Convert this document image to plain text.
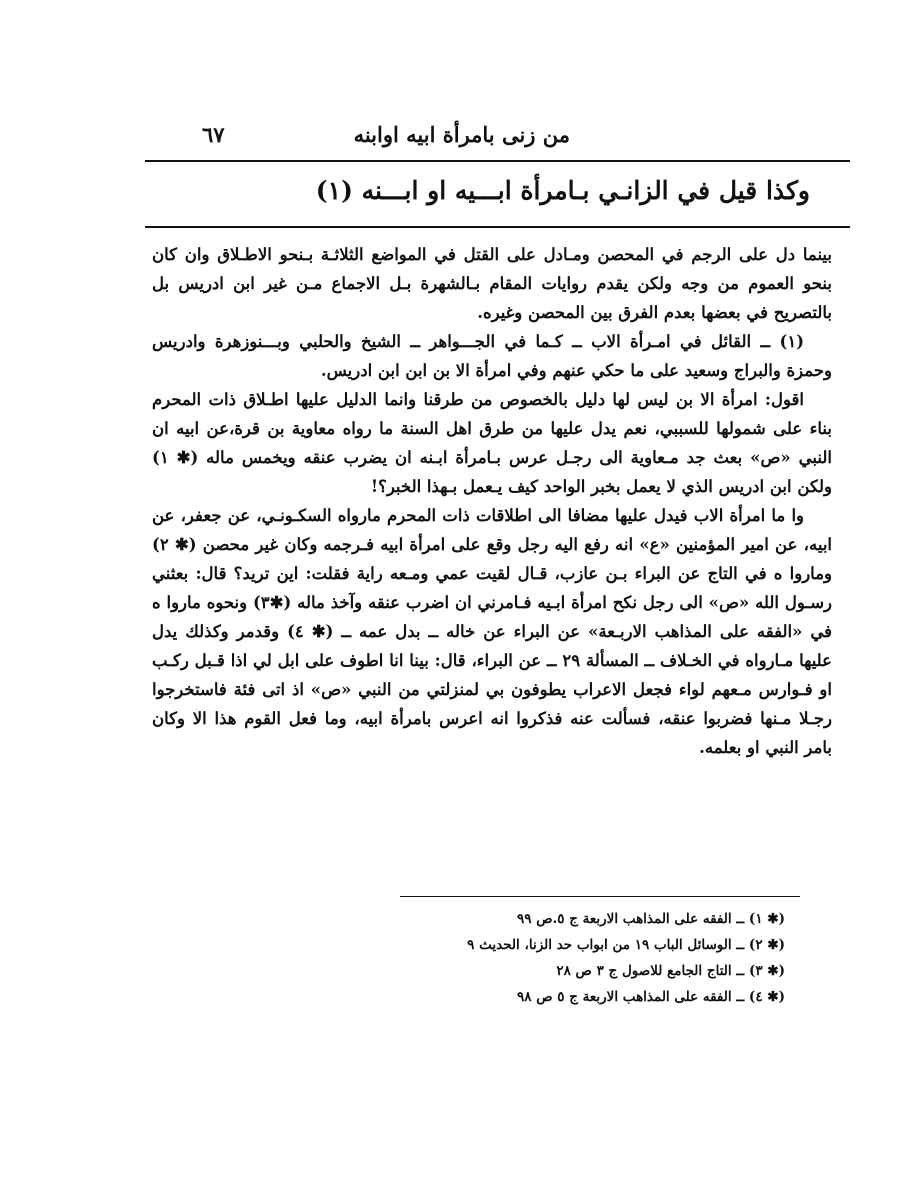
من زنى بامرأة ابيه اوابنه
٦٧
وكذا قيل في الزانـي بـامرأة ابـــيه او ابـــنه (١)

بينما دل على الرجم في المحصن ومـادل على القتل في المواضع الثلاثـة بـنحو الاطـلاق وان كان بنحو العموم من وجه ولكن يقدم روايات المقام بـالشهرة بـل الاجماع مـن غير ابن ادريس بل بالتصريح في بعضها بعدم الفرق بين المحصن وغيره.

(١) ــ القائل في امـرأة الاب ــ كـما في الجـــواهر ــ الشيخ والحلبي وبـــنوزهرة وادريس وحمزة والبراج وسعيد على ما حكي عنهم وفي امرأة الا بن ابن ابن ادريس.

اقول: امرأة الا بن ليس لها دليل بالخصوص من طرقنا وانما الدليل عليها اطـلاق ذات المحرم بناء على شمولها للسببي، نعم يدل عليها من طرق اهل السنة ما رواه معاوية بن قرة،عن ابيه ان النبي «ص» بعث جد مـعاوية الى رجـل عرس بـامرأة ابـنه ان يضرب عنقه ويخمس ماله (✱ ١) ولكن ابن ادريس الذي لا يعمل بخبر الواحد كيف يـعمل بـهذا الخبر؟!

وا ما امرأة الاب فيدل عليها مضافا الى اطلاقات ذات المحرم مارواه السكـونـي، عن جعفر، عن ابيه، عن امير المؤمنين «ع» انه رفع اليه رجل وقع على امرأة ابيه فـرجمه وكان غير محصن (✱ ٢) وماروا ه في التاج عن البراء بـن عازب، قـال لقيت عمي ومـعه راية فقلت: اين تريد؟ قال: بعثني رسـول الله «ص» الى رجل نكح امرأة ابـيه فـامرني ان اضرب عنقه وآخذ ماله (✱٣) ونحوه ماروا ه في «الفقه على المذاهب الاربـعة» عن البراء عن خاله ــ بدل عمه ــ (✱ ٤) وقدمر وكذلك يدل عليها مـارواه في الخـلاف ــ المسألة ٢٩ ــ عن البراء، قال: بينا انا اطوف على ابل لي اذا قـبل ركـب او فـوارس مـعهم لواء فجعل الاعراب يطوفون بي لمنزلتي من النبي «ص» اذ اتى فئة فاستخرجوا رجـلا مـنها فضربوا عنقه، فسألت عنه فذكروا انه اعرس بامرأة ابيه، وما فعل القوم هذا الا وكان بامر النبي او بعلمه.

(✱ ١) ــ الفقه على المذاهب الاربعة ج ٥.ص ٩٩
(✱ ٢) ــ الوسائل الباب ١٩ من ابواب حد الزنا، الحديث ٩
(✱ ٣) ــ التاج الجامع للاصول ج ٣ ص ٢٨
(✱ ٤) ــ الفقه على المذاهب الاربعة ج ٥ ص ٩٨
